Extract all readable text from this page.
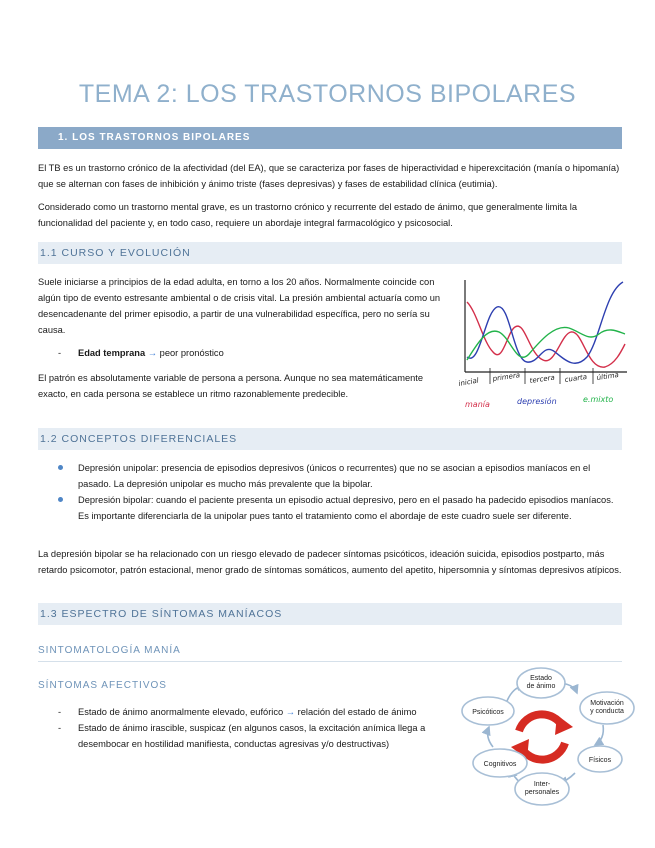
TEMA 2: LOS TRASTORNOS BIPOLARES
1. LOS TRASTORNOS BIPOLARES
El TB es un trastorno crónico de la afectividad (del EA), que se caracteriza por fases de hiperactividad e hiperexcitación (manía o hipomanía) que se alternan con fases de inhibición y ánimo triste (fases depresivas) y fases de estabilidad clínica (eutimia).
Considerado como un trastorno mental grave, es un trastorno crónico y recurrente del estado de ánimo, que generalmente limita la funcionalidad del paciente y, en todo caso, requiere un abordaje integral farmacológico y psicosocial.
1.1 CURSO Y EVOLUCIÓN
Suele iniciarse a principios de la edad adulta, en torno a los 20 años. Normalmente coincide con algún tipo de evento estresante ambiental o de crisis vital. La presión ambiental actuaría como un desencadenante del primer episodio, a partir de una vulnerabilidad específica, pero no sería su causa.
- Edad temprana → peor pronóstico
El patrón es absolutamente variable de persona a persona. Aunque no sea matemáticamente exacto, en cada persona se establece un ritmo razonablemente predecible.
inicial primera tercera cuarta última
manía	depresión	e.mixto
1.2 CONCEPTOS DIFERENCIALES
Depresión unipolar: presencia de episodios depresivos (únicos o recurrentes) que no se asocian a episodios maníacos en el pasado. La depresión unipolar es mucho más prevalente que la bipolar.
Depresión bipolar: cuando el paciente presenta un episodio actual depresivo, pero en el pasado ha padecido episodios maníacos. Es importante diferenciarla de la unipolar pues tanto el tratamiento como el abordaje de este cuadro suele ser diferente.
La depresión bipolar se ha relacionado con un riesgo elevado de padecer síntomas psicóticos, ideación suicida, episodios postparto, más retardo psicomotor, patrón estacional, menor grado de síntomas somáticos, aumento del apetito, hipersomnia y síntomas depresivos atípicos.
1.3 ESPECTRO DE SÍNTOMAS MANÍACOS
SINTOMATOLOGÍA MANÍA
SÍNTOMAS AFECTIVOS
- Estado de ánimo anormalmente elevado, eufórico → relación del estado de ánimo
- Estado de ánimo irascible, suspicaz (en algunos casos, la excitación anímica llega a desembocar en hostilidad manifiesta, conductas agresivas y/o destructivas)
Estado de ánimo
Motivación y conducta
Físicos
Inter-personales
Cognitivos
Psicóticos
